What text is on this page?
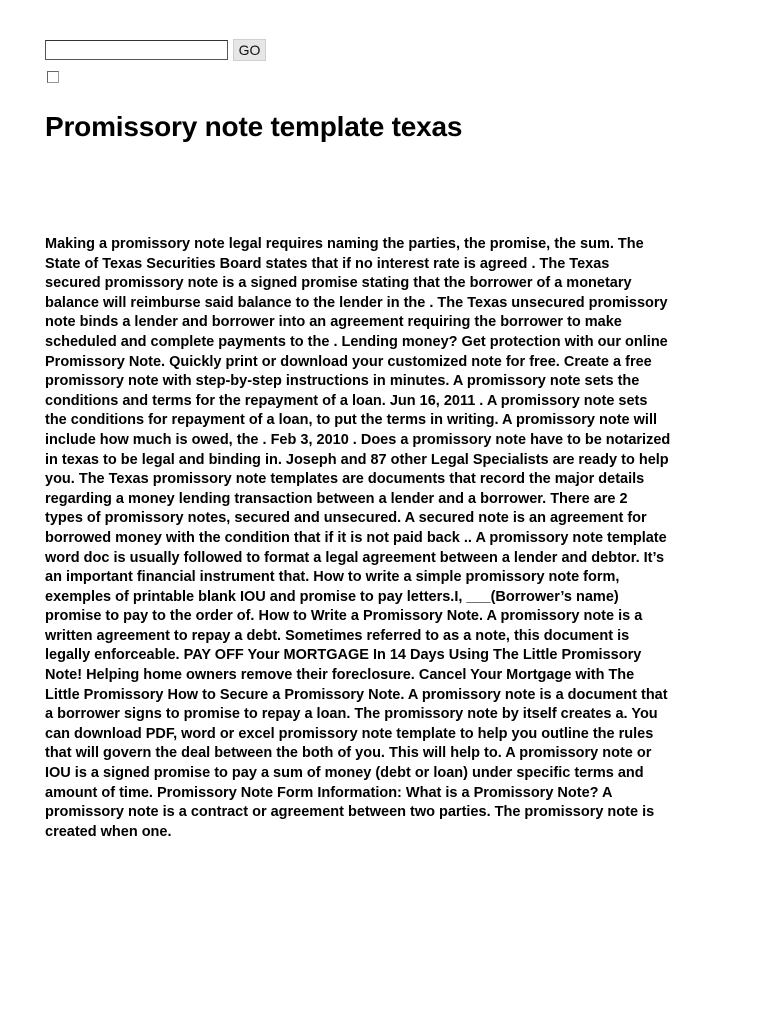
GO
Promissory note template texas

Making a promissory note legal requires naming the parties, the promise, the sum. The
State of Texas Securities Board states that if no interest rate is agreed . The Texas
secured promissory note is a signed promise stating that the borrower of a monetary
balance will reimburse said balance to the lender in the . The Texas unsecured promissory
note binds a lender and borrower into an agreement requiring the borrower to make
scheduled and complete payments to the . Lending money? Get protection with our online
Promissory Note. Quickly print or download your customized note for free. Create a free
promissory note with step-by-step instructions in minutes. A promissory note sets the
conditions and terms for the repayment of a loan. Jun 16, 2011 . A promissory note sets
the conditions for repayment of a loan, to put the terms in writing. A promissory note will
include how much is owed, the . Feb 3, 2010 . Does a promissory note have to be notarized
in texas to be legal and binding in. Joseph and 87 other Legal Specialists are ready to help
you. The Texas promissory note templates are documents that record the major details
regarding a money lending transaction between a lender and a borrower. There are 2
types of promissory notes, secured and unsecured. A secured note is an agreement for
borrowed money with the condition that if it is not paid back .. A promissory note template
word doc is usually followed to format a legal agreement between a lender and debtor. It’s
an important financial instrument that. How to write a simple promissory note form,
exemples of printable blank IOU and promise to pay letters.I, ___(Borrower’s name)
promise to pay to the order of. How to Write a Promissory Note. A promissory note is a
written agreement to repay a debt. Sometimes referred to as a note, this document is
legally enforceable. PAY OFF Your MORTGAGE In 14 Days Using The Little Promissory
Note! Helping home owners remove their foreclosure. Cancel Your Mortgage with The
Little Promissory How to Secure a Promissory Note. A promissory note is a document that
a borrower signs to promise to repay a loan. The promissory note by itself creates a. You
can download PDF, word or excel promissory note template to help you outline the rules
that will govern the deal between the both of you. This will help to. A promissory note or
IOU is a signed promise to pay a sum of money (debt or loan) under specific terms and
amount of time. Promissory Note Form Information: What is a Promissory Note? A
promissory note is a contract or agreement between two parties. The promissory note is
created when one.
